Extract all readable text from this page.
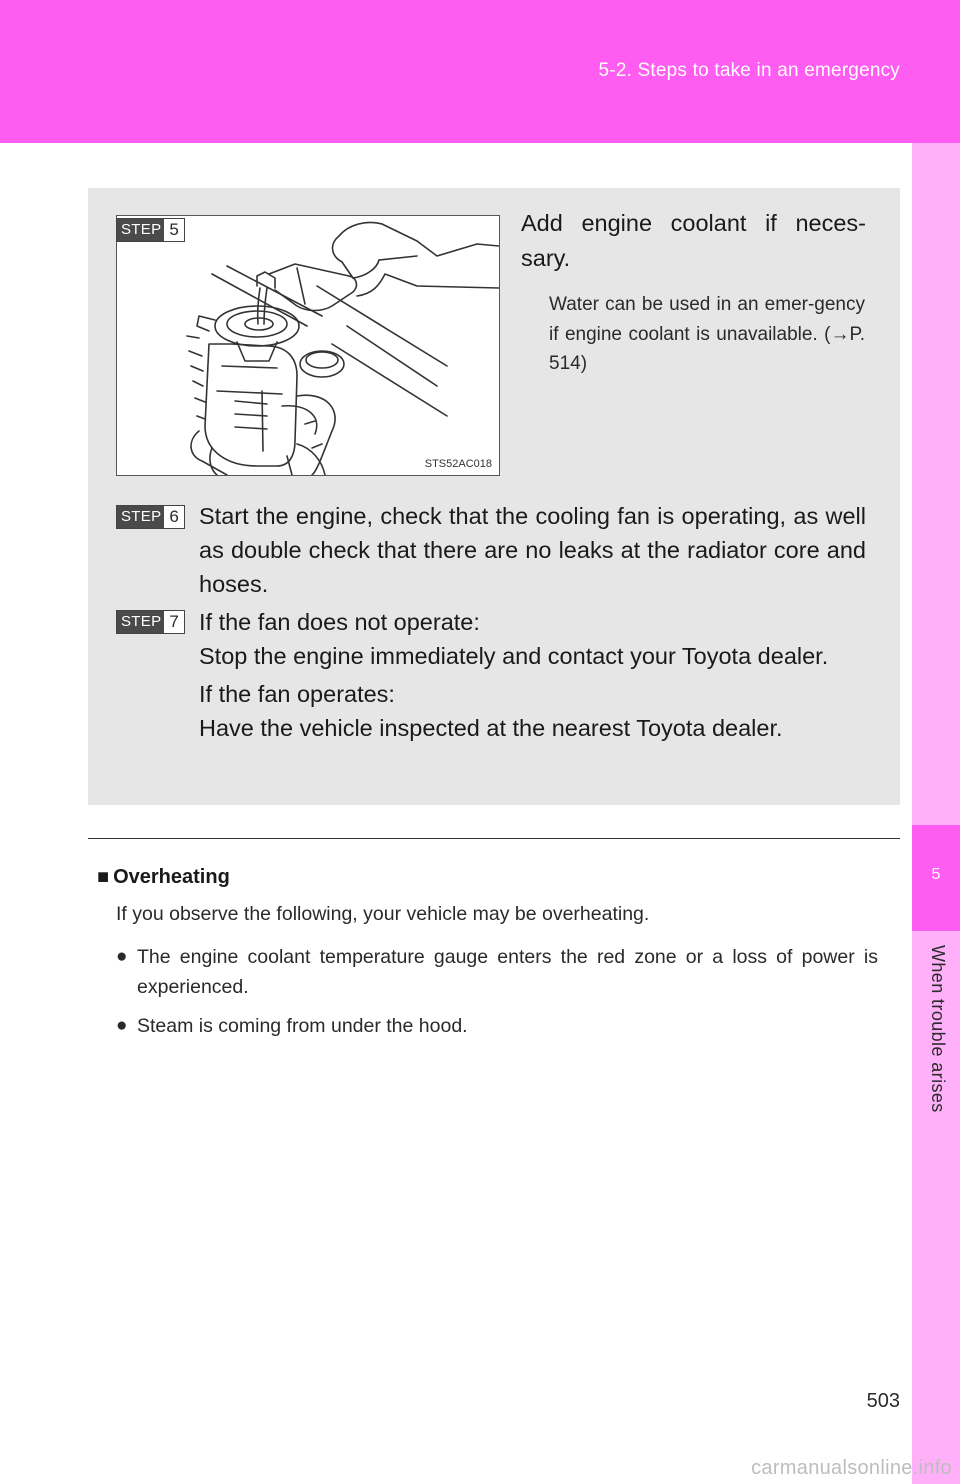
5-2. Steps to take in an emergency
5
When trouble arises
STS52AC018
STEP 5	Add engine coolant if neces-sary.
Water can be used in an emer-gency if engine coolant is unavailable. (→P. 514)
STEP 6 Start the engine, check that the cooling fan is operating, as well as double check that there are no leaks at the radiator core and hoses.
STEP 7 If the fan does not operate:

Stop the engine immediately and contact your Toyota dealer.

If the fan operates:

Have the vehicle inspected at the nearest Toyota dealer.

■ Overheating
If you observe the following, your vehicle may be overheating.
● The engine coolant temperature gauge enters the red zone or a loss of power is experienced.
● Steam is coming from under the hood.
503
carmanualsonline.info
